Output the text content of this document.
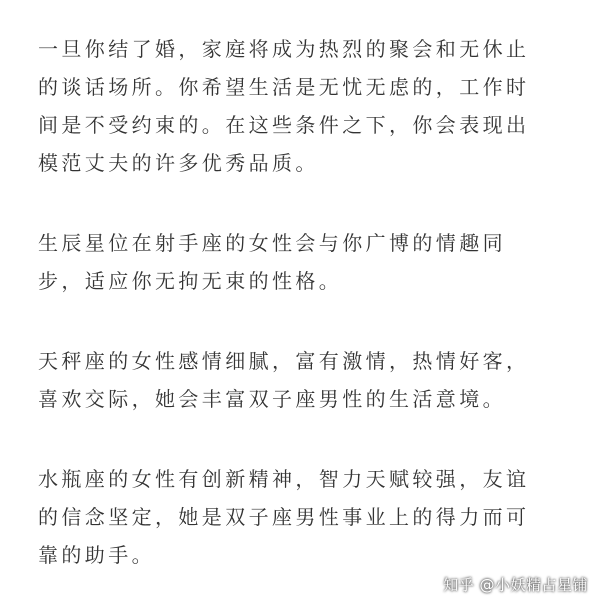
一旦你结了婚，家庭将成为热烈的聚会和无休止
的谈话场所。你希望生活是无忧无虑的，工作时
间是不受约束的。在这些条件之下，你会表现出
模范丈夫的许多优秀品质。
生辰星位在射手座的女性会与你广博的情趣同
步，适应你无拘无束的性格。
天秤座的女性感情细腻，富有激情，热情好客，
喜欢交际，她会丰富双子座男性的生活意境。
水瓶座的女性有创新精神，智力天赋较强，友谊
的信念坚定，她是双子座男性事业上的得力而可
靠的助手。
知乎 @小妖精占星铺
